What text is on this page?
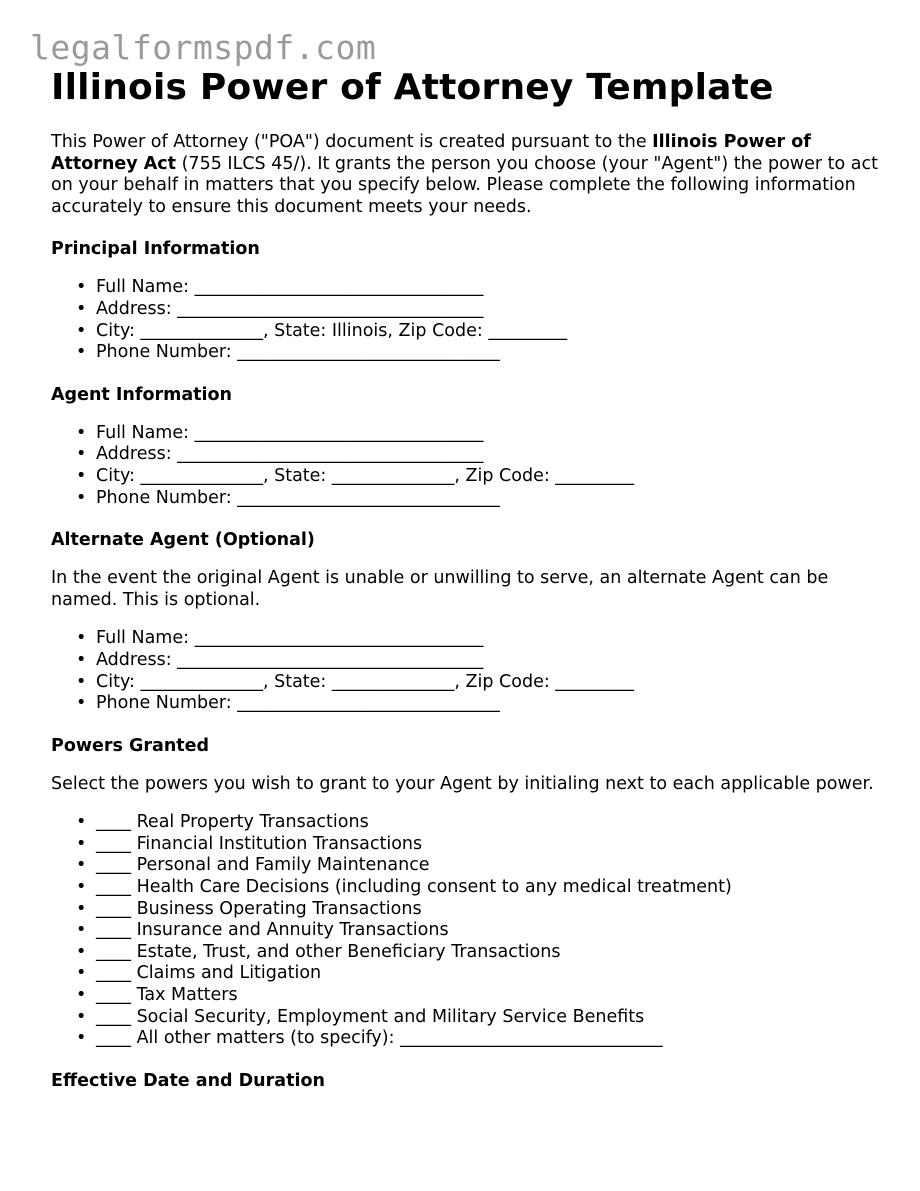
legalformspdf.com
Illinois Power of Attorney Template

This Power of Attorney ("POA") document is created pursuant to the Illinois Power of Attorney Act (755 ILCS 45/). It grants the person you choose (your "Agent") the power to act on your behalf in matters that you specify below. Please complete the following information accurately to ensure this document meets your needs.

Principal Information
• Full Name: _________________________________
• Address: ___________________________________
• City: ______________, State: Illinois, Zip Code: _________
• Phone Number: ______________________________
Agent Information
• Full Name: _________________________________
• Address: ___________________________________
• City: ______________, State: ______________, Zip Code: _________
• Phone Number: ______________________________
Alternate Agent (Optional)

In the event the original Agent is unable or unwilling to serve, an alternate Agent can be named. This is optional.

• Full Name: _________________________________
• Address: ___________________________________
• City: ______________, State: ______________, Zip Code: _________
• Phone Number: ______________________________
Powers Granted

Select the powers you wish to grant to your Agent by initialing next to each applicable power.

• ____ Real Property Transactions
• ____ Financial Institution Transactions
• ____ Personal and Family Maintenance
• ____ Health Care Decisions (including consent to any medical treatment)
• ____ Business Operating Transactions
• ____ Insurance and Annuity Transactions
• ____ Estate, Trust, and other Beneficiary Transactions
• ____ Claims and Litigation
• ____ Tax Matters
• ____ Social Security, Employment and Military Service Benefits
• ____ All other matters (to specify): ______________________________
Effective Date and Duration
